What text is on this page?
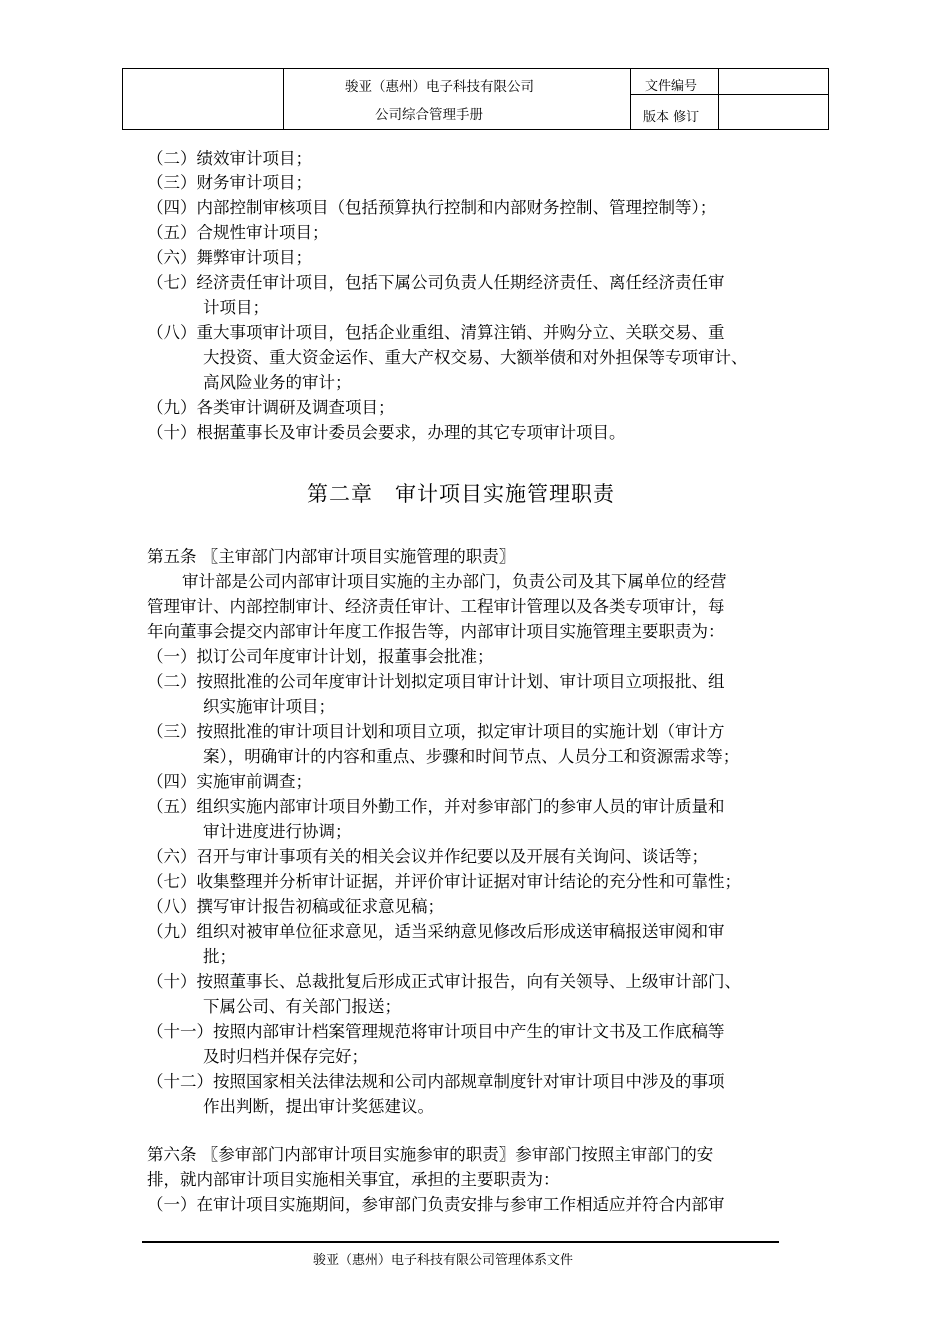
骏亚（惠州）电子科技有限公司
公司综合管理手册
文件编号
版本 修订
（二）绩效审计项目；
（三）财务审计项目；
（四）内部控制审核项目（包括预算执行控制和内部财务控制、管理控制等）；
（五）合规性审计项目；
（六）舞弊审计项目；
（七）经济责任审计项目，包括下属公司负责人任期经济责任、离任经济责任审
计项目；
（八）重大事项审计项目，包括企业重组、清算注销、并购分立、关联交易、重
大投资、重大资金运作、重大产权交易、大额举债和对外担保等专项审计、
高风险业务的审计；
（九）各类审计调研及调查项目；
（十）根据董事长及审计委员会要求，办理的其它专项审计项目。
第二章　审计项目实施管理职责
第五条 〖主审部门内部审计项目实施管理的职责〗
审计部是公司内部审计项目实施的主办部门，负责公司及其下属单位的经营
管理审计、内部控制审计、经济责任审计、工程审计管理以及各类专项审计，每
年向董事会提交内部审计年度工作报告等，内部审计项目实施管理主要职责为：
（一）拟订公司年度审计计划，报董事会批准；
（二）按照批准的公司年度审计计划拟定项目审计计划、审计项目立项报批、组
织实施审计项目；
（三）按照批准的审计项目计划和项目立项，拟定审计项目的实施计划（审计方
案），明确审计的内容和重点、步骤和时间节点、人员分工和资源需求等；
（四）实施审前调查；
（五）组织实施内部审计项目外勤工作，并对参审部门的参审人员的审计质量和
审计进度进行协调；
（六）召开与审计事项有关的相关会议并作纪要以及开展有关询问、谈话等；
（七）收集整理并分析审计证据，并评价审计证据对审计结论的充分性和可靠性；
（八）撰写审计报告初稿或征求意见稿；
（九）组织对被审单位征求意见，适当采纳意见修改后形成送审稿报送审阅和审
批；
（十）按照董事长、总裁批复后形成正式审计报告，向有关领导、上级审计部门、
下属公司、有关部门报送；
（十一）按照内部审计档案管理规范将审计项目中产生的审计文书及工作底稿等
及时归档并保存完好；
（十二）按照国家相关法律法规和公司内部规章制度针对审计项目中涉及的事项
作出判断，提出审计奖惩建议。
第六条 〖参审部门内部审计项目实施参审的职责〗参审部门按照主审部门的安
排，就内部审计项目实施相关事宜，承担的主要职责为：
（一）在审计项目实施期间，参审部门负责安排与参审工作相适应并符合内部审
骏亚（惠州）电子科技有限公司管理体系文件
